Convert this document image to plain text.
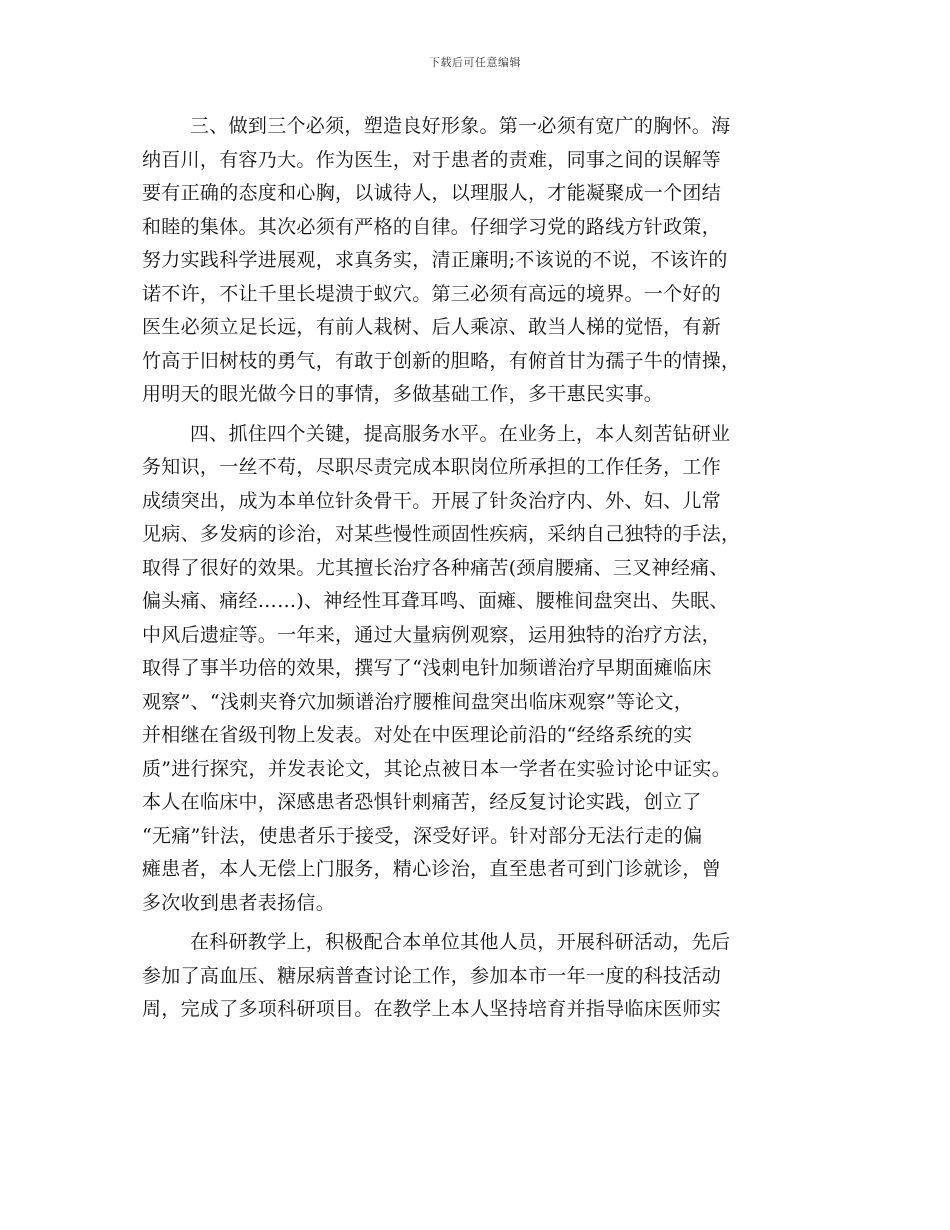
下载后可任意编辑
三、做到三个必须，塑造良好形象。第一必须有宽广的胸怀。海
纳百川，有容乃大。作为医生，对于患者的责难，同事之间的误解等
要有正确的态度和心胸，以诚待人，以理服人，才能凝聚成一个团结
和睦的集体。其次必须有严格的自律。仔细学习党的路线方针政策，
努力实践科学进展观，求真务实，清正廉明;不该说的不说，不该许的
诺不许，不让千里长堤溃于蚁穴。第三必须有高远的境界。一个好的
医生必须立足长远，有前人栽树、后人乘凉、敢当人梯的觉悟，有新
竹高于旧树枝的勇气，有敢于创新的胆略，有俯首甘为孺子牛的情操，
用明天的眼光做今日的事情，多做基础工作，多干惠民实事。
四、抓住四个关键，提高服务水平。在业务上，本人刻苦钻研业
务知识，一丝不苟，尽职尽责完成本职岗位所承担的工作任务，工作
成绩突出，成为本单位针灸骨干。开展了针灸治疗内、外、妇、儿常
见病、多发病的诊治，对某些慢性顽固性疾病，采纳自己独特的手法，
取得了很好的效果。尤其擅长治疗各种痛苦(颈肩腰痛、三叉神经痛、
偏头痛、痛经……)、神经性耳聋耳鸣、面瘫、腰椎间盘突出、失眠、
中风后遗症等。一年来，通过大量病例观察，运用独特的治疗方法，
取得了事半功倍的效果，撰写了“浅刺电针加频谱治疗早期面瘫临床
观察”、“浅刺夹脊穴加频谱治疗腰椎间盘突出临床观察”等论文，
并相继在省级刊物上发表。对处在中医理论前沿的“经络系统的实
质”进行探究，并发表论文，其论点被日本一学者在实验讨论中证实。
本人在临床中，深感患者恐惧针刺痛苦，经反复讨论实践，创立了
“无痛”针法，使患者乐于接受，深受好评。针对部分无法行走的偏
瘫患者，本人无偿上门服务，精心诊治，直至患者可到门诊就诊，曾
多次收到患者表扬信。
在科研教学上，积极配合本单位其他人员，开展科研活动，先后
参加了高血压、糖尿病普查讨论工作，参加本市一年一度的科技活动
周，完成了多项科研项目。在教学上本人坚持培育并指导临床医师实
